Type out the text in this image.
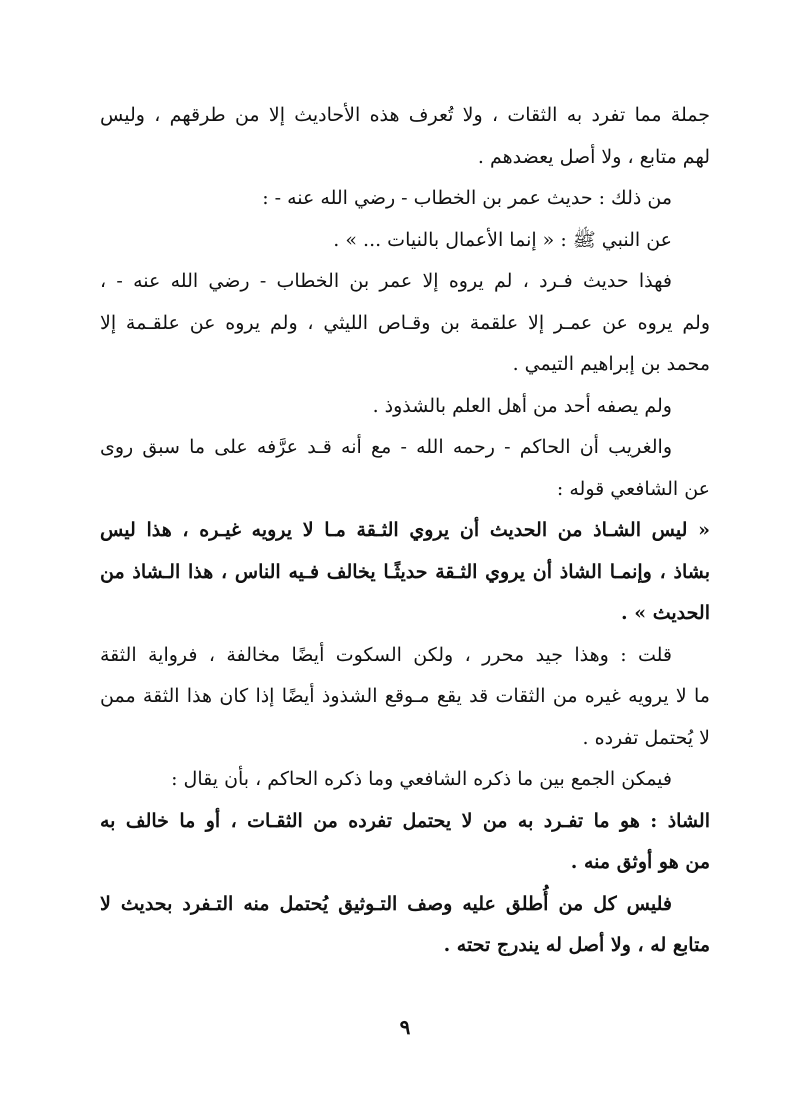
جملة مما تفرد به الثقات ، ولا تُعرف هذه الأحاديث إلا من طرقهم ، وليس
لهم متابع ، ولا أصل يعضدهم .
من ذلك : حديث عمر بن الخطاب - رضي الله عنه - :
عن النبي ﷺ : « إنما الأعمال بالنيات ... » .
فهذا حديث فـرد ، لم يروه إلا عمر بن الخطاب - رضي الله عنه - ،
ولم يروه عن عمـر إلا علقمة بن وقـاص الليثي ، ولم يروه عن علقـمة إلا
محمد بن إبراهيم التيمي .
ولم يصفه أحد من أهل العلم بالشذوذ .
والغريب أن الحاكم - رحمه الله - مع أنه قـد عرَّفه على ما سبق روى
عن الشافعي قوله :
« ليس الشـاذ من الحديث أن يروي الثـقة مـا لا يرويه غيـره ، هذا ليس
بشاذ ، وإنمـا الشاذ أن يروي الثـقة حديثًـا يخالف فـيه الناس ، هذا الـشاذ من
الحديث » .
قلت : وهذا جيد محرر ، ولكن السكوت أيضًا مخالفة ، فرواية الثقة
ما لا يرويه غيره من الثقات قد يقع مـوقع الشذوذ أيضًا إذا كان هذا الثقة ممن
لا يُحتمل تفرده .
فيمكن الجمع بين ما ذكره الشافعي وما ذكره الحاكم ، بأن يقال :
الشاذ : هو ما تفـرد به من لا يحتمل تفرده من الثقـات ، أو ما خالف به
من هو أوثق منه .
فليس كل من أُطلق عليه وصف التـوثيق يُحتمل منه التـفرد بحديث لا
متابع له ، ولا أصل له يندرج تحته .
٩
